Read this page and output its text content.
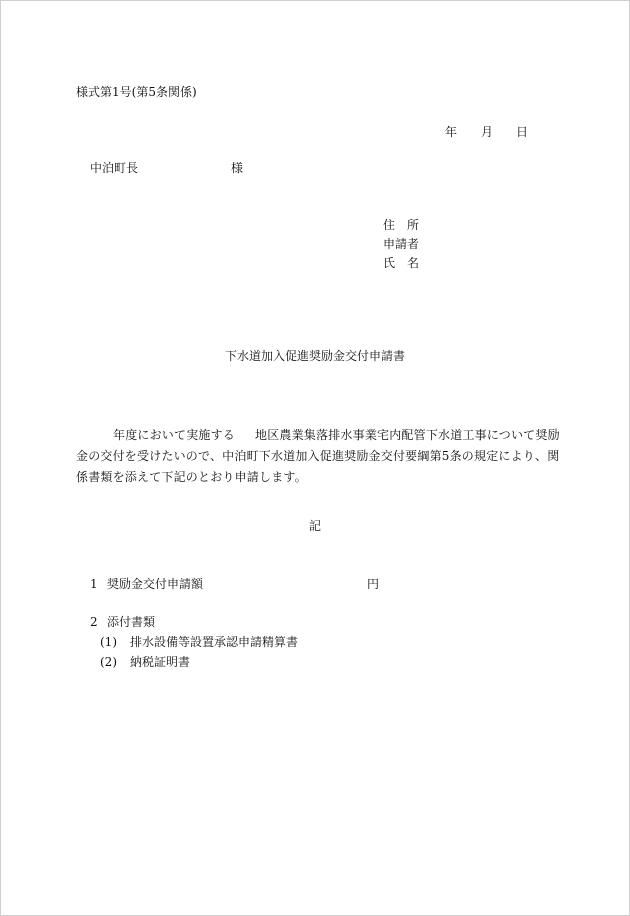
様式第1号(第5条関係)
年 月 日
中泊町長	様
住　所
申請者
氏　名
下水道加入促進奨励金交付申請書
年度において実施する 地区農業集落排水事業宅内配管下水道工事について奨励
金の交付を受けたいので、中泊町下水道加入促進奨励金交付要綱第5条の規定により、関
係書類を添えて下記のとおり申請します。
記
1 奨励金交付申請額	円
2 添付書類
(1) 排水設備等設置承認申請精算書
(2) 納税証明書
